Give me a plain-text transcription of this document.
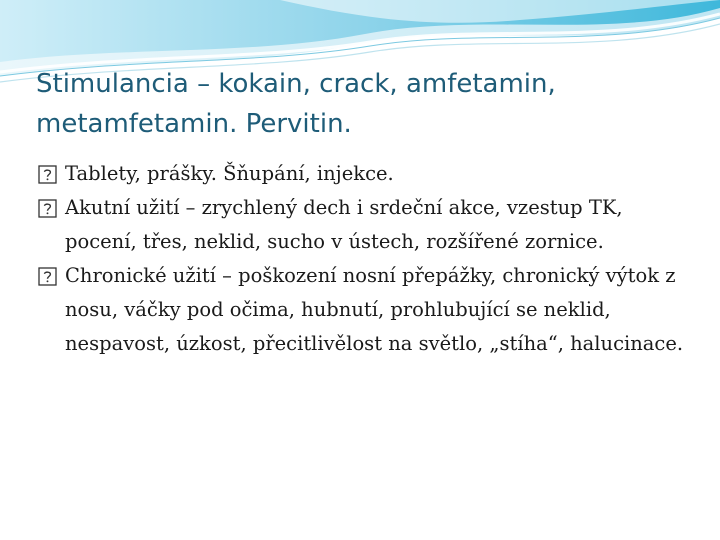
Stimulancia – kokain, crack, amfetamin, metamfetamin. Pervitin.
Tablety, prášky. Šňupání, injekce.
Akutní užití – zrychlený dech i srdeční akce, vzestup TK, pocení, třes, neklid, sucho v ústech, rozšířené zornice.
Chronické užití – poškození nosní přepážky, chronický výtok z nosu, váčky pod očima, hubnutí, prohlubující se neklid, nespavost, úzkost, přecitlivělost na světlo, „stíha“, halucinace.
